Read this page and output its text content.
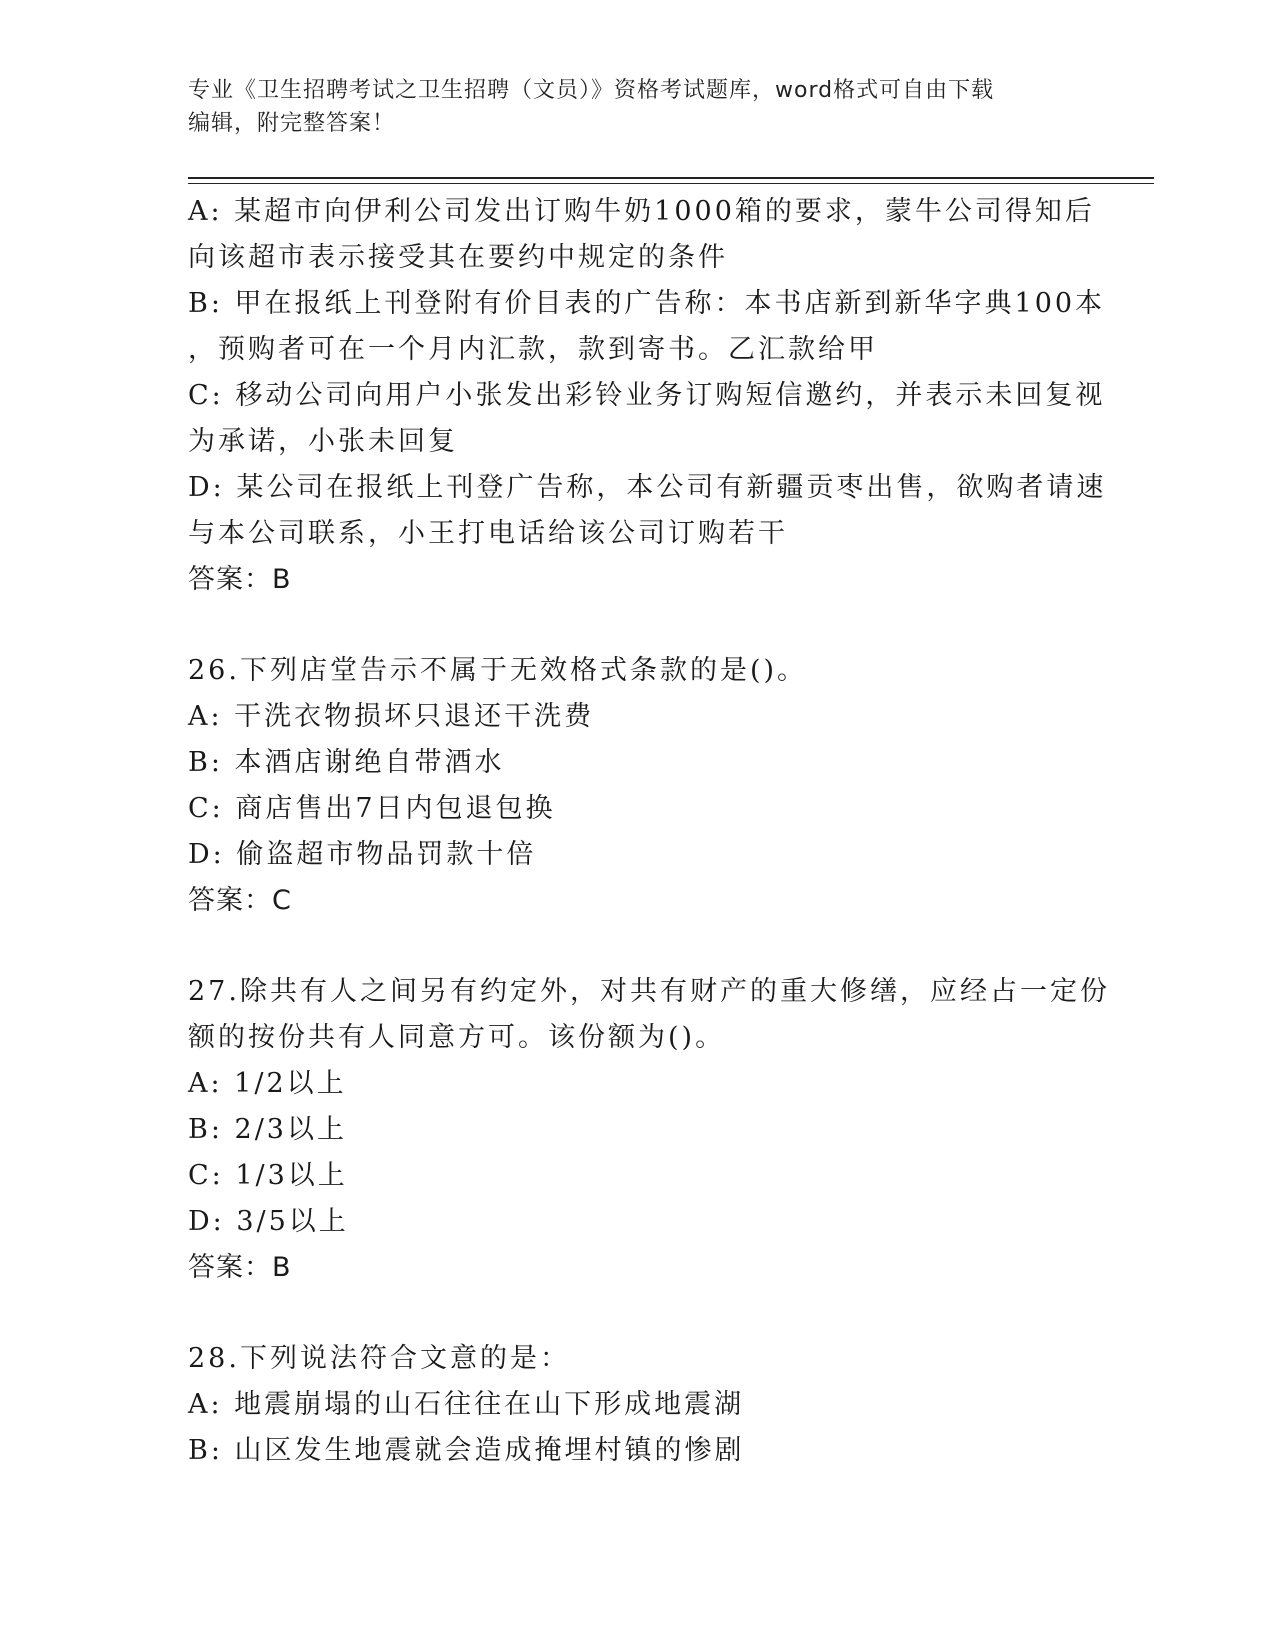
专业《卫生招聘考试之卫生招聘（文员）》资格考试题库，word格式可自由下载
编辑，附完整答案！
A: 某超市向伊利公司发出订购牛奶1000箱的要求，蒙牛公司得知后
向该超市表示接受其在要约中规定的条件
B: 甲在报纸上刊登附有价目表的广告称：本书店新到新华字典100本
，预购者可在一个月内汇款，款到寄书。乙汇款给甲
C: 移动公司向用户小张发出彩铃业务订购短信邀约，并表示未回复视
为承诺，小张未回复
D: 某公司在报纸上刊登广告称，本公司有新疆贡枣出售，欲购者请速
与本公司联系，小王打电话给该公司订购若干
答案：B
26.下列店堂告示不属于无效格式条款的是()。
A: 干洗衣物损坏只退还干洗费
B: 本酒店谢绝自带酒水
C: 商店售出7日内包退包换
D: 偷盗超市物品罚款十倍
答案：C
27.除共有人之间另有约定外，对共有财产的重大修缮，应经占一定份
额的按份共有人同意方可。该份额为()。
A: 1/2以上
B: 2/3以上
C: 1/3以上
D: 3/5以上
答案：B
28.下列说法符合文意的是：
A: 地震崩塌的山石往往在山下形成地震湖
B: 山区发生地震就会造成掩埋村镇的惨剧
